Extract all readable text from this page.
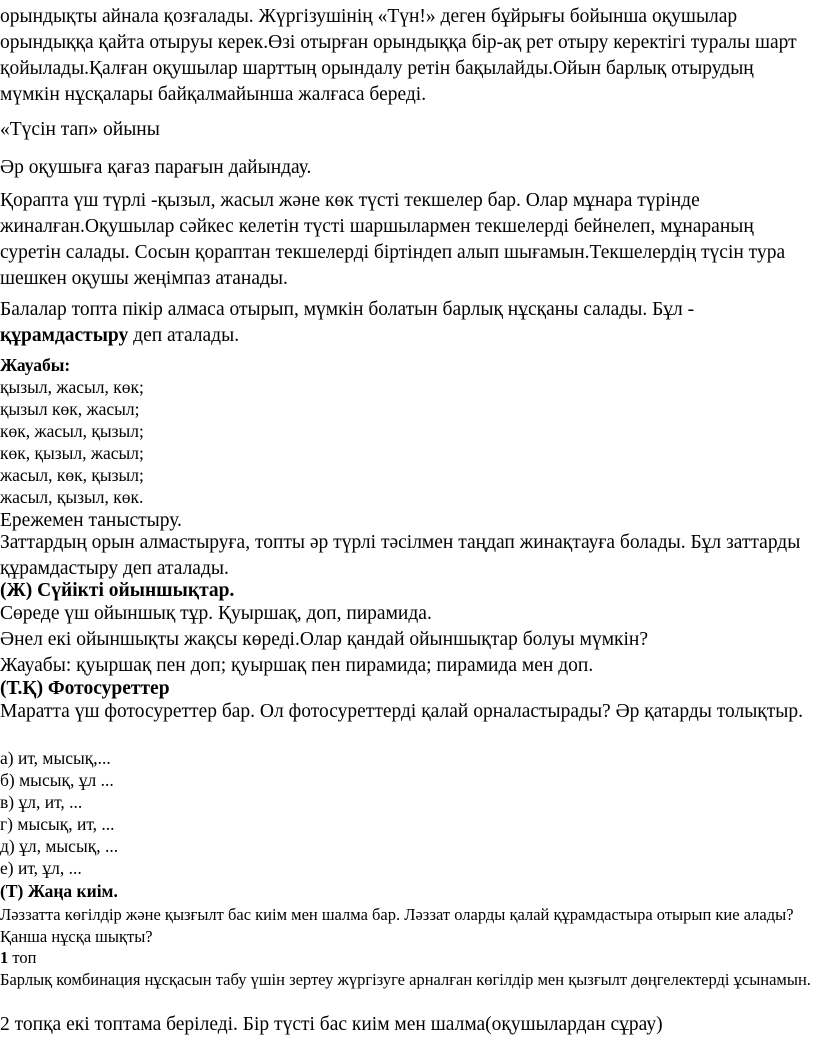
орындықты айнала қозғалады. Жүргізушінің «Түн!» деген бұйрығы бойынша оқушылар орындыққа қайта отыруы керек.Өзі отырған орындыққа бір-ақ рет отыру керектігі туралы шарт қойылады.Қалған оқушылар шарттың орындалу ретін бақылайды.Ойын барлық отырудың мүмкін нұсқалары байқалмайынша жалғаса береді.

«Түсін тап» ойыны

Әр оқушыға қағаз парағын дайындау.

Қорапта үш түрлі -қызыл, жасыл және көк түсті текшелер бар. Олар мұнара түрінде жиналған.Оқушылар сәйкес келетін түсті шаршылармен текшелерді бейнелеп, мұнараның суретін салады. Сосын қораптан текшелерді біртіндеп алып шығамын.Текшелердің түсін тура шешкен оқушы жеңімпаз атанады.

Балалар топта пікір алмаса отырып, мүмкін болатын барлық нұсқаны салады. Бұл - құрамдастыру деп аталады.

Жауабы:
қызыл, жасыл, көк;
қызыл көк, жасыл;
көк, жасыл, қызыл;
көк, қызыл, жасыл;
жасыл, көк, қызыл;
жасыл, қызыл, көк.

Ережемен таныстыру.

Заттардың орын алмастыруға, топты әр түрлі тәсілмен таңдап жинақтауға болады. Бұл заттарды құрамдастыру деп аталады.

(Ж) Сүйікті ойыншықтар.

Сөреде үш ойыншық тұр. Қуыршақ, доп, пирамида.
Әнел екі ойыншықты жақсы көреді.Олар қандай ойыншықтар болуы мүмкін?
Жауабы: қуыршақ пен доп; қуыршақ пен пирамида; пирамида мен доп.

(Т.Қ) Фотосуреттер

Маратта үш фотосуреттер бар. Ол фотосуреттерді қалай орналастырады? Әр қатарды толықтыр.

а) ит, мысық,...
б) мысық, ұл ...
в) ұл, ит, ...
г) мысық, ит, ...
д) ұл, мысық, ...
е) ит, ұл, ...

(Т) Жаңа киім.

Ләззатта көгілдір және қызғылт бас киім мен шалма бар. Ләззат оларды қалай құрамдастыра отырып кие алады? Қанша нұсқа шықты?

1 топ

Барлық комбинация нұсқасын табу үшін зертеу жүргізуге арналған көгілдір мен қызғылт дөңгелектерді ұсынамын.

2 топқа екі топтама беріледі. Бір түсті бас киім мен шалма(оқушылардан сұрау)
